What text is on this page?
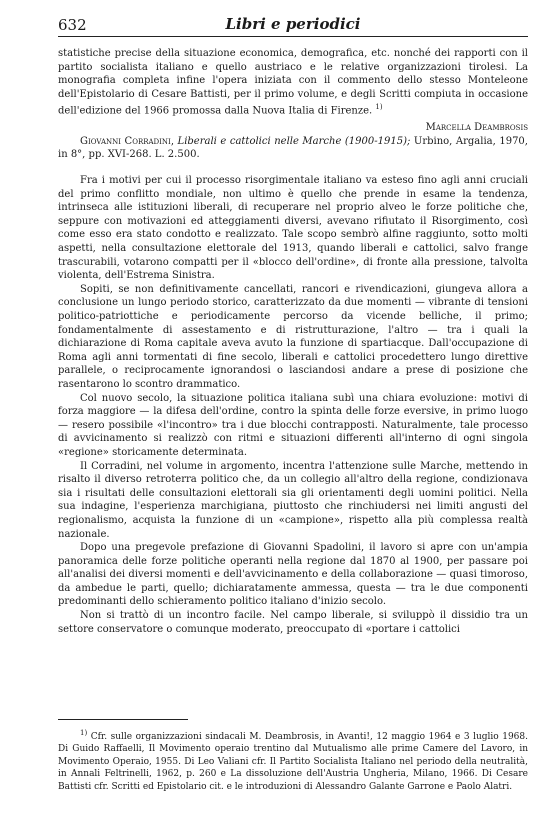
632	Libri e periodici

statistiche precise della situazione economica, demografica, etc. nonché dei rapporti con il partito socialista italiano e quello austriaco e le relative organizzazioni tirolesi. La monografia completa infine l'opera iniziata con il commento dello stesso Monteleone dell'Epistolario di Cesare Battisti, per il primo volume, e degli Scritti compiuta in occasione dell'edizione del 1966 promossa dalla Nuova Italia di Firenze. $^{1)}$

Marcella Deambrosis

Giovanni Corradini, Liberali e cattolici nelle Marche (1900-1915); Urbino, Argalia, 1970, in 8°, pp. XVI-268. L. 2.500.

Fra i motivi per cui il processo risorgimentale italiano va esteso fino agli anni cruciali del primo conflitto mondiale, non ultimo è quello che prende in esame la tendenza, intrinseca alle istituzioni liberali, di recuperare nel proprio alveo le forze politiche che, seppure con motivazioni ed atteggiamenti diversi, avevano rifiutato il Risorgimento, così come esso era stato condotto e realizzato. Tale scopo sembrò alfine raggiunto, sotto molti aspetti, nella consultazione elettorale del 1913, quando liberali e cattolici, salvo frange trascurabili, votarono compatti per il «blocco dell'ordine», di fronte alla pressione, talvolta violenta, dell'Estrema Sinistra.

Sopiti, se non definitivamente cancellati, rancori e rivendicazioni, giungeva allora a conclusione un lungo periodo storico, caratterizzato da due momenti — vibrante di tensioni politico-patriottiche e periodicamente percorso da vicende belliche, il primo; fondamentalmente di assestamento e di ristrutturazione, l'altro — tra i quali la dichiarazione di Roma capitale aveva avuto la funzione di spartiacque. Dall'occupazione di Roma agli anni tormentati di fine secolo, liberali e cattolici procedettero lungo direttive parallele, o reciprocamente ignorandosi o lasciandosi andare a prese di posizione che rasentarono lo scontro drammatico.

Col nuovo secolo, la situazione politica italiana subì una chiara evoluzione: motivi di forza maggiore — la difesa dell'ordine, contro la spinta delle forze eversive, in primo luogo — resero possibile «l'incontro» tra i due blocchi contrapposti. Naturalmente, tale processo di avvicinamento si realizzò con ritmi e situazioni differenti all'interno di ogni singola «regione» storicamente determinata.

Il Corradini, nel volume in argomento, incentra l'attenzione sulle Marche, mettendo in risalto il diverso retroterra politico che, da un collegio all'altro della regione, condizionava sia i risultati delle consultazioni elettorali sia gli orientamenti degli uomini politici. Nella sua indagine, l'esperienza marchigiana, piuttosto che rinchiudersi nei limiti angusti del regionalismo, acquista la funzione di un «campione», rispetto alla più complessa realtà nazionale.

Dopo una pregevole prefazione di Giovanni Spadolini, il lavoro si apre con un'ampia panoramica delle forze politiche operanti nella regione dal 1870 al 1900, per passare poi all'analisi dei diversi momenti e dell'avvicinamento e della collaborazione — quasi timoroso, da ambedue le parti, quello; dichiaratamente ammessa, questa — tra le due componenti predominanti dello schieramento politico italiano d'inizio secolo.

Non si trattò di un incontro facile. Nel campo liberale, si sviluppò il dissidio tra un settore conservatore o comunque moderato, preoccupato di «portare i cattolici

$^{1)}$ Cfr. sulle organizzazioni sindacali M. Deambrosis, in Avanti!, 12 maggio 1964 e 3 luglio 1968. Di Guido Raffaelli, Il Movimento operaio trentino dal Mutualismo alle prime Camere del Lavoro, in Movimento Operaio, 1955. Di Leo Valiani cfr. Il Partito Socialista Italiano nel periodo della neutralità, in Annali Feltrinelli, 1962, p. 260 e La dissoluzione dell'Austria Ungheria, Milano, 1966. Di Cesare Battisti cfr. Scritti ed Epistolario cit. e le introduzioni di Alessandro Galante Garrone e Paolo Alatri.
